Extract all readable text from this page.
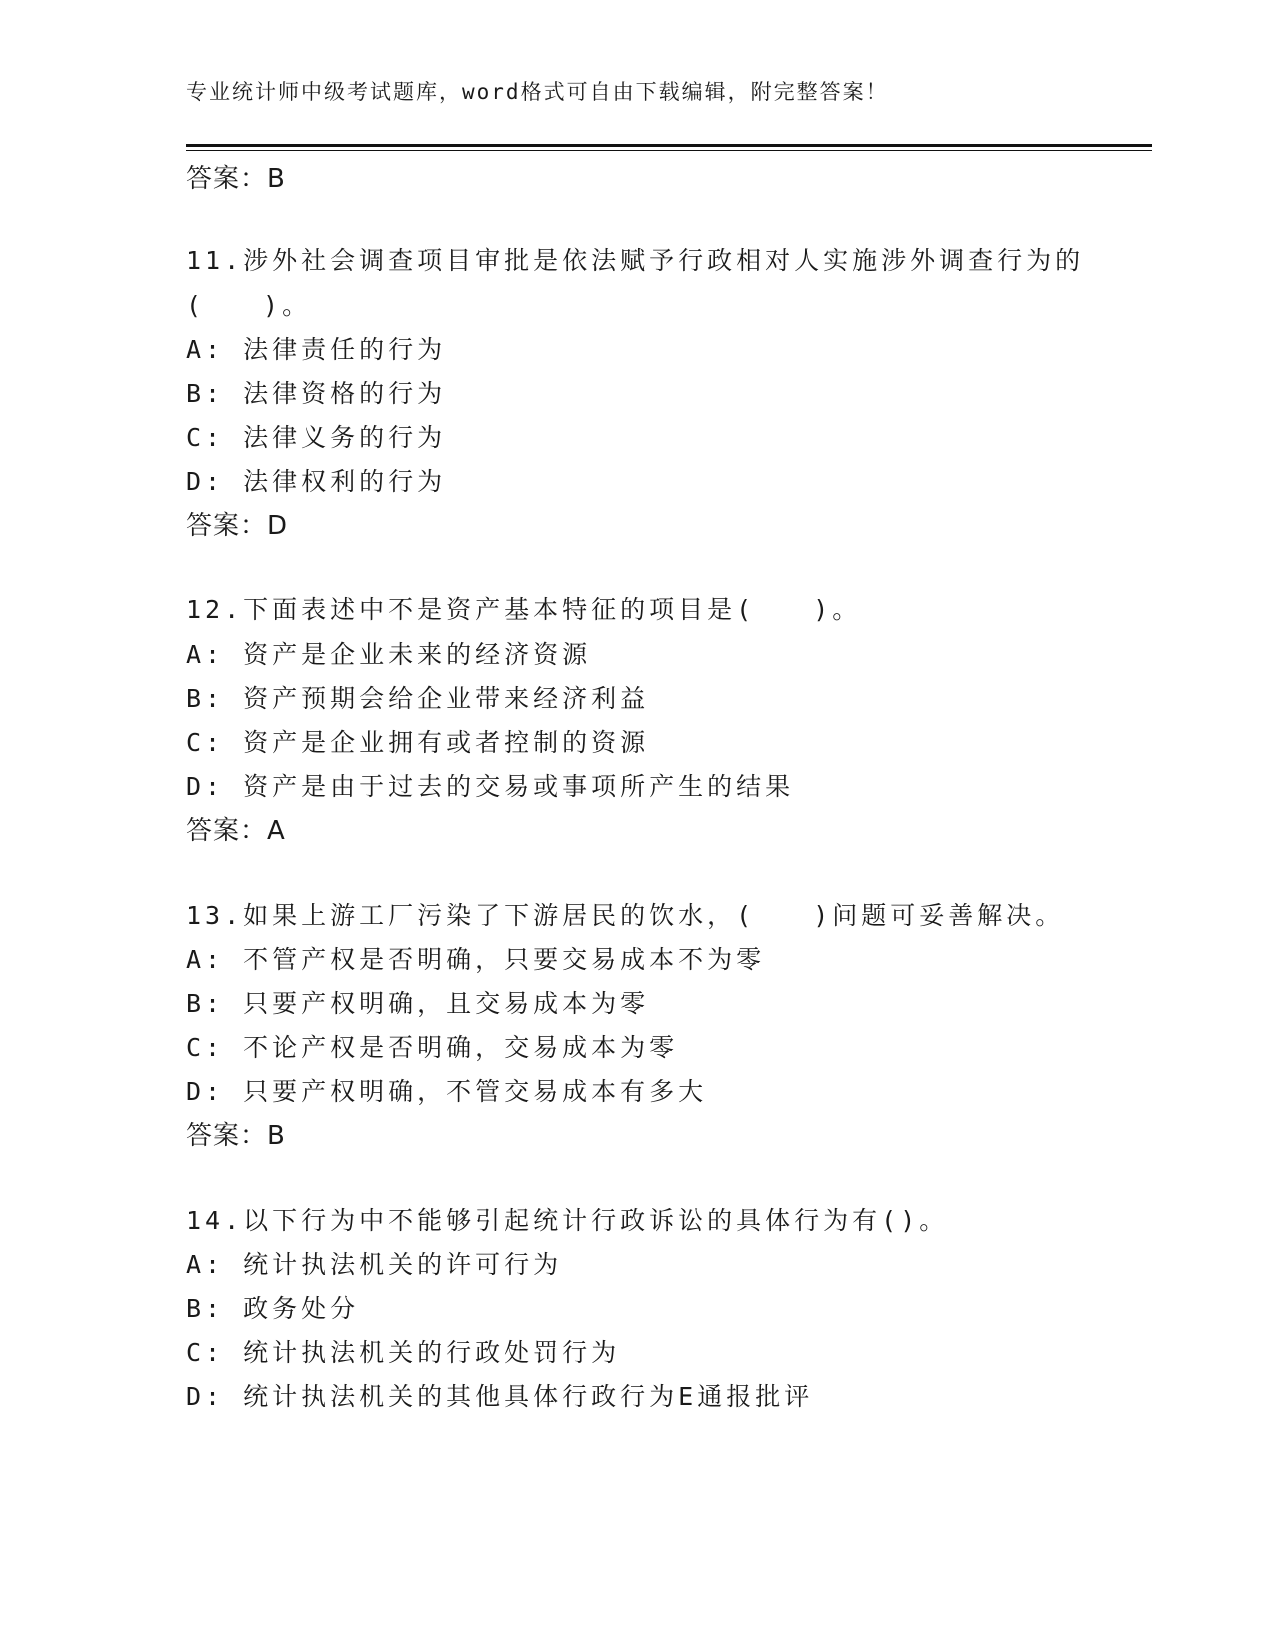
专业统计师中级考试题库，word格式可自由下载编辑，附完整答案！
答案：B
11.涉外社会调查项目审批是依法赋予行政相对人实施涉外调查行为的
(　　)。
A: 法律责任的行为
B: 法律资格的行为
C: 法律义务的行为
D: 法律权利的行为
答案：D
12.下面表述中不是资产基本特征的项目是(　　)。
A: 资产是企业未来的经济资源
B: 资产预期会给企业带来经济利益
C: 资产是企业拥有或者控制的资源
D: 资产是由于过去的交易或事项所产生的结果
答案：A
13.如果上游工厂污染了下游居民的饮水，(　　)问题可妥善解决。
A: 不管产权是否明确，只要交易成本不为零
B: 只要产权明确，且交易成本为零
C: 不论产权是否明确，交易成本为零
D: 只要产权明确，不管交易成本有多大
答案：B
14.以下行为中不能够引起统计行政诉讼的具体行为有()。
A: 统计执法机关的许可行为
B: 政务处分
C: 统计执法机关的行政处罚行为
D: 统计执法机关的其他具体行政行为E通报批评
